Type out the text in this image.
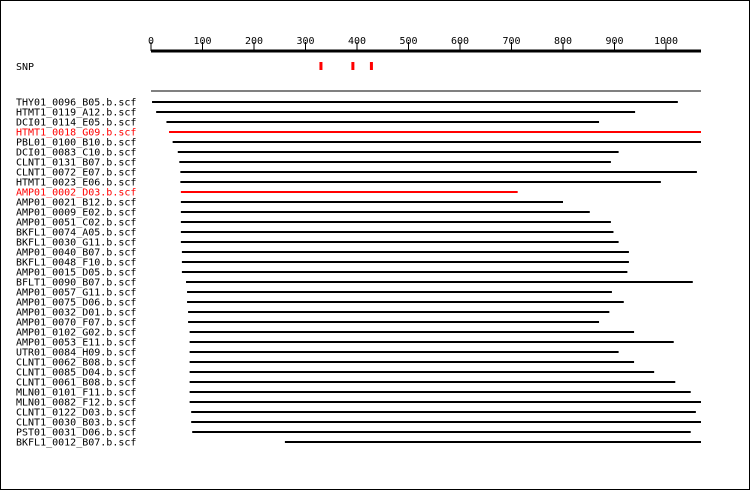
0	100	200	300	400	500	600	700	800	900	1000
SNP
THY01_0096_B05.b.scf
HTMT1_0119_A12.b.scf
DCI01_0114_E05.b.scf
HTMT1_0018_G09.b.scf
PBL01_0100_B10.b.scf
DCI01_0083_C10.b.scf
CLNT1_0131_B07.b.scf
CLNT1_0072_E07.b.scf
HTMT1_0023_E06.b.scf
AMP01_0002_D03.b.scf
AMP01_0021_B12.b.scf
AMP01_0009_E02.b.scf
AMP01_0051_C02.b.scf
BKFL1_0074_A05.b.scf
BKFL1_0030_G11.b.scf
AMP01_0040_B07.b.scf
BKFL1_0048_F10.b.scf
AMP01_0015_D05.b.scf
BFLT1_0090_B07.b.scf
AMP01_0057_G11.b.scf
AMP01_0075_D06.b.scf
AMP01_0032_D01.b.scf
AMP01_0070_F07.b.scf
AMP01_0102_G02.b.scf
AMP01_0053_E11.b.scf
UTR01_0084_H09.b.scf
CLNT1_0062_B08.b.scf
CLNT1_0085_D04.b.scf
CLNT1_0061_B08.b.scf
MLN01_0101_F11.b.scf
MLN01_0082_F12.b.scf
CLNT1_0122_D03.b.scf
CLNT1_0030_B03.b.scf
PST01_0031_D06.b.scf
BKFL1_0012_B07.b.scf
